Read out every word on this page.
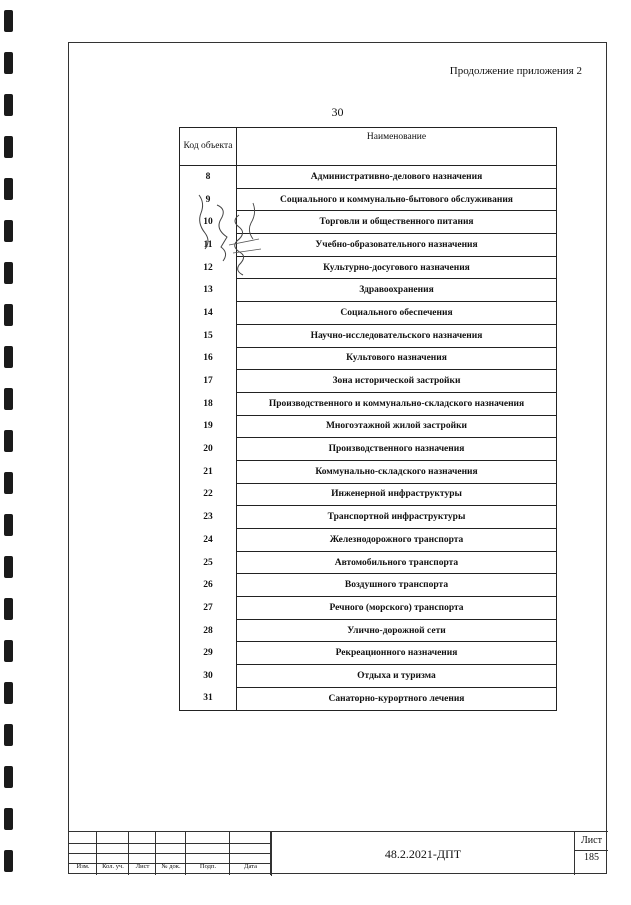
Продолжение приложения 2
30
Код объекта	Наименование
8	Административно-делового назначения
9	Социального и коммунально-бытового обслуживания
10	Торговли и общественного питания
11	Учебно-образовательного назначения
12	Культурно-досугового назначения
13	Здравоохранения
14	Социального обеспечения
15	Научно-исследовательского назначения
16	Культового назначения
17	Зона исторической застройки
18	Производственного и коммунально-складского назначения
19	Многоэтажной жилой застройки
20	Производственного назначения
21	Коммунально-складского назначения
22	Инженерной инфраструктуры
23	Транспортной инфраструктуры
24	Железнодорожного транспорта
25	Автомобильного транспорта
26	Воздушного транспорта
27	Речного (морского) транспорта
28	Улично-дорожной сети
29	Рекреационного назначения
30	Отдыха и туризма
31	Санаторно-курортного лечения
Изм.	Кол. уч.	Лист	№ док.	Подп.	Дата
48.2.2021-ДПТ
Лист
185
